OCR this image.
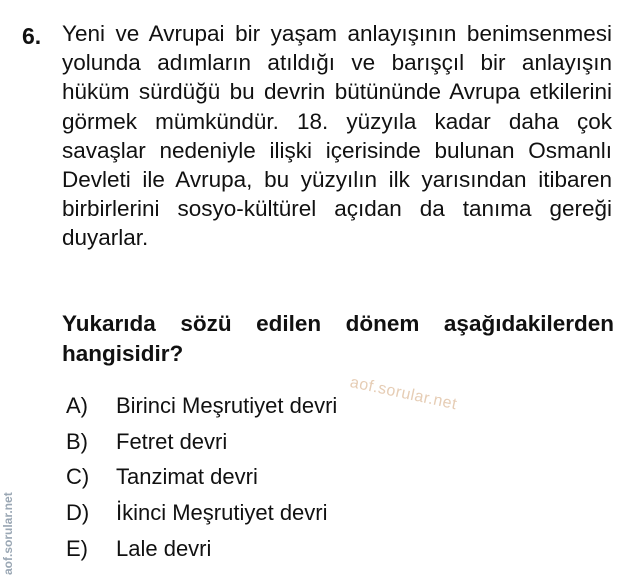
6. Yeni ve Avrupai bir yaşam anlayışının benimsenmesi yolunda adımların atıldığı ve barışçıl bir anlayışın hüküm sürdüğü bu devrin bütününde Avrupa etkilerini görmek mümkündür. 18. yüzyıla kadar daha çok savaşlar nedeniyle ilişki içerisinde bulunan Osmanlı Devleti ile Avrupa, bu yüzyılın ilk yarısından itibaren birbirlerini sosyo-kültürel açıdan da tanıma gereği duyarlar.

Yukarıda sözü edilen dönem aşağıdakilerden hangisidir?

A)	Birinci Meşrutiyet devri
B)	Fetret devri
C)	Tanzimat devri
D)	İkinci Meşrutiyet devri
E)	Lale devri
aof.sorular.net
aof.sorular.net
